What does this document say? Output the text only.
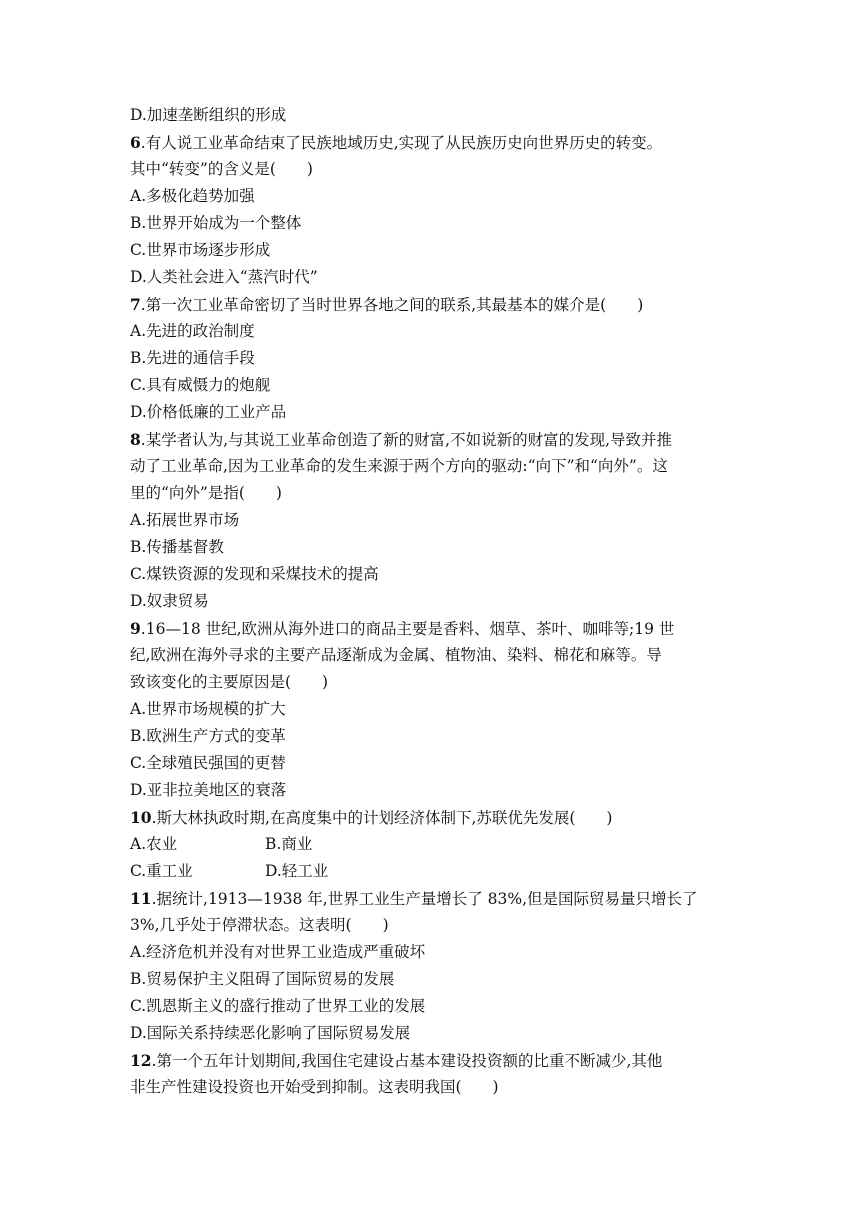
D.加速垄断组织的形成
6.有人说工业革命结束了民族地域历史,实现了从民族历史向世界历史的转变。
其中“转变”的含义是(　　)
A.多极化趋势加强
B.世界开始成为一个整体
C.世界市场逐步形成
D.人类社会进入“蒸汽时代”
7.第一次工业革命密切了当时世界各地之间的联系,其最基本的媒介是(　　)
A.先进的政治制度
B.先进的通信手段
C.具有威慑力的炮舰
D.价格低廉的工业产品
8.某学者认为,与其说工业革命创造了新的财富,不如说新的财富的发现,导致并推
动了工业革命,因为工业革命的发生来源于两个方向的驱动:“向下”和“向外”。这
里的“向外”是指(　　)
A.拓展世界市场
B.传播基督教
C.煤铁资源的发现和采煤技术的提高
D.奴隶贸易
9.16—18 世纪,欧洲从海外进口的商品主要是香料、烟草、茶叶、咖啡等;19 世
纪,欧洲在海外寻求的主要产品逐渐成为金属、植物油、染料、棉花和麻等。导
致该变化的主要原因是(　　)
A.世界市场规模的扩大
B.欧洲生产方式的变革
C.全球殖民强国的更替
D.亚非拉美地区的衰落
10.斯大林执政时期,在高度集中的计划经济体制下,苏联优先发展(　　)
A.农业	B.商业
C.重工业	D.轻工业
11.据统计,1913—1938 年,世界工业生产量增长了 83%,但是国际贸易量只增长了
3%,几乎处于停滞状态。这表明(　　)
A.经济危机并没有对世界工业造成严重破坏
B.贸易保护主义阻碍了国际贸易的发展
C.凯恩斯主义的盛行推动了世界工业的发展
D.国际关系持续恶化影响了国际贸易发展
12.第一个五年计划期间,我国住宅建设占基本建设投资额的比重不断减少,其他
非生产性建设投资也开始受到抑制。这表明我国(　　)
